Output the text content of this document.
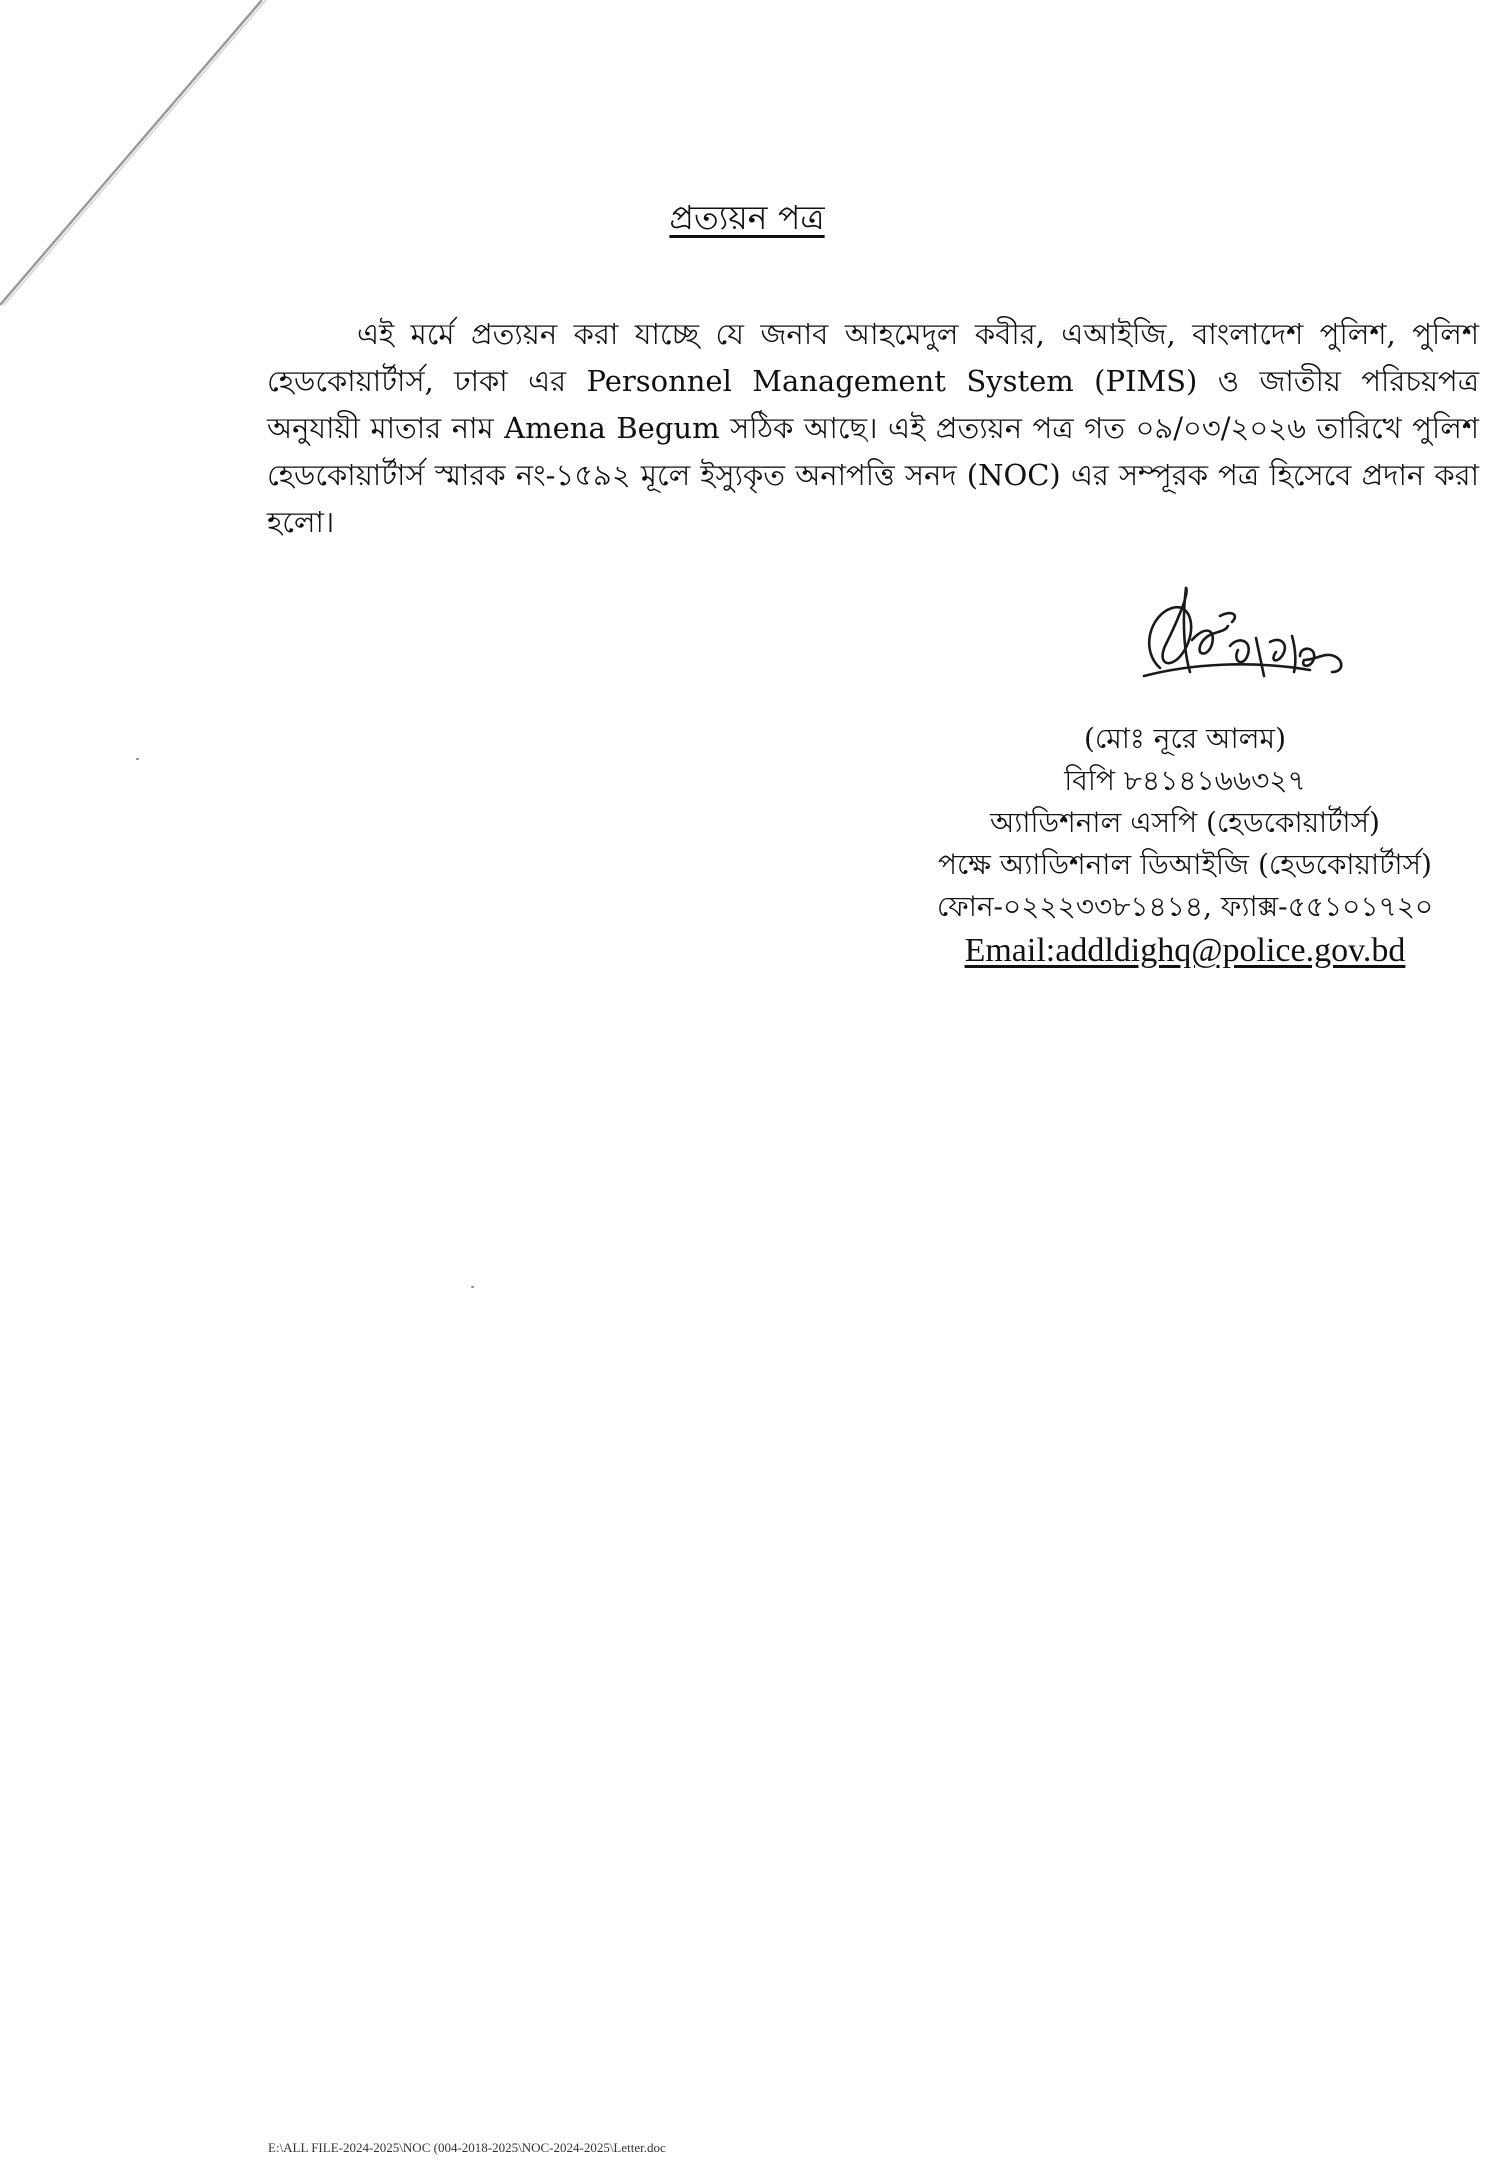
প্রত্যয়ন পত্র

এই মর্মে প্রত্যয়ন করা যাচ্ছে যে জনাব আহমেদুল কবীর, এআইজি, বাংলাদেশ পুলিশ, পুলিশ হেডকোয়ার্টার্স, ঢাকা এর Personnel Management System (PIMS) ও জাতীয় পরিচয়পত্র অনুযায়ী মাতার নাম Amena Begum সঠিক আছে। এই প্রত্যয়ন পত্র গত ০৯/০৩/২০২৬ তারিখে পুলিশ হেডকোয়ার্টার্স স্মারক নং-১৫৯২ মূলে ইস্যুকৃত অনাপত্তি সনদ (NOC) এর সম্পূরক পত্র হিসেবে প্রদান করা হলো।

(মোঃ নূরে আলম)
বিপি ৮৪১৪১৬৬৩২৭
অ্যাডিশনাল এসপি (হেডকোয়ার্টার্স)
পক্ষে অ্যাডিশনাল ডিআইজি (হেডকোয়ার্টার্স)
ফোন-০২২২৩৩৮১৪১৪, ফ্যাক্স-৫৫১০১৭২০
Email:addldighq@police.gov.bd
E:\ALL FILE-2024-2025\NOC (004-2018-2025\NOC-2024-2025\Letter.doc
